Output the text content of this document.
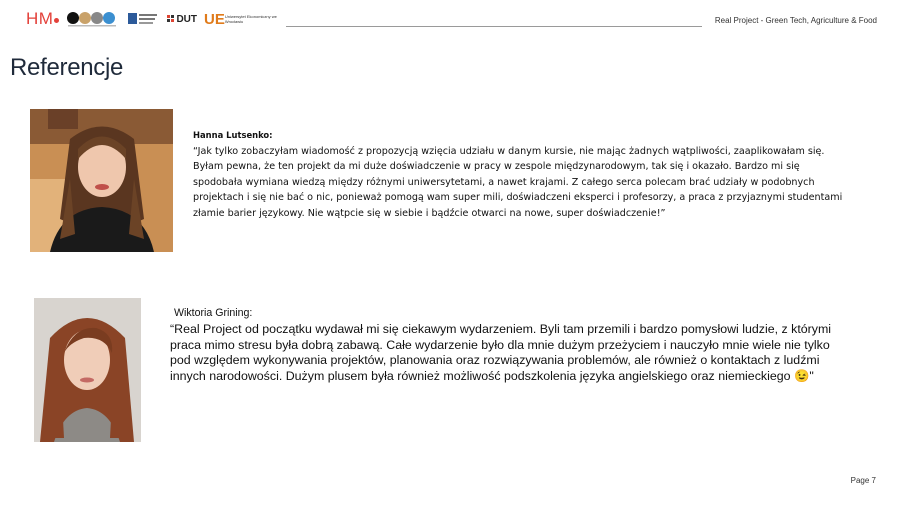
HM	DUT UE Uniwersytet Ekonomiczny we Wrocławiu	Real Project - Green Tech, Agriculture & Food
Referencje
Hanna Lutsenko:
“Jak tylko zobaczyłam wiadomość z propozycją wzięcia udziału w danym kursie, nie mając żadnych wątpliwości, zaaplikowałam się. Byłam pewna, że ten projekt da mi duże doświadczenie w pracy w zespole międzynarodowym, tak się i okazało. Bardzo mi się spodobała wymiana wiedzą między różnymi uniwersytetami, a nawet krajami. Z całego serca polecam brać udziały w podobnych projektach i się nie bać o nic, ponieważ pomogą wam super mili, doświadczeni eksperci i profesorzy, a praca z przyjaznymi studentami złamie barier językowy. Nie wątpcie się w siebie i bądźcie otwarci na nowe, super doświadczenie!”
Wiktoria Grining:
“Real Project od początku wydawał mi się ciekawym wydarzeniem. Byli tam przemili i bardzo pomysłowi ludzie, z którymi praca mimo stresu była dobrą zabawą. Całe wydarzenie było dla mnie dużym przeżyciem i nauczyło mnie wiele nie tylko pod względem wykonywania projektów, planowania oraz rozwiązywania problemów, ale również o kontaktach z ludźmi innych narodowości. Dużym plusem była również możliwość podszkolenia języka angielskiego oraz niemieckiego 😉"
Page 7
